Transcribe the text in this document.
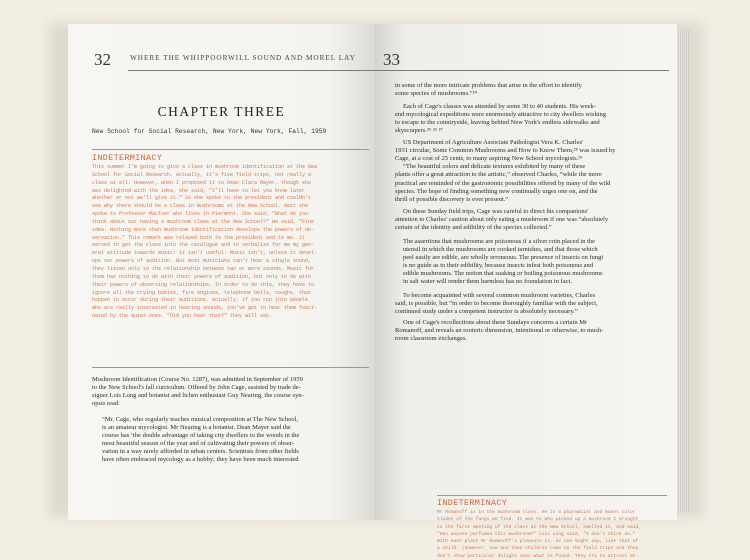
32	WHERE THE WHIPPOORWILL SOUND AND MOREL LAY
CHAPTER THREE
New School for Social Research, New York, New York, Fall, 1959
INDETERMINACY
This summer I'm going to give a class in mushroom identification at the New
School for Social Research. Actually, it's five field trips, not really a
class at all. However, when I proposed it to Dean Clara Mayer, though she
was delighted with the idea, she said, "I'll have to let you know later
whether or not we'll give it." So she spoke to the president and couldn't
see why there should be a class in mushrooms at the New School. Next she
spoke to Professor MacIver who lives in Piermont. She said, "What do you
think about our having a mushroom class at the New School?" He said, "Fine
idea. Nothing more than mushroom identification develops the powers of ob-
servation." This remark was relayed both to the president and to me. It
served to get the class into the catalogue and to verbalize for me my gen-
eral attitude towards music: it isn't useful. Music isn't, unless it devel-
ops our powers of audition. But most musicians can't hear a single sound,
they listen only to the relationship between two or more sounds. Music for
them has nothing to do with their powers of audition, but only to do with
their powers of observing relationships. In order to do this, they have to
ignore all the crying babies, fire engines, telephone bells, coughs, that
happen to occur during their auditions. Actually, if you run into people
who are really interested in hearing sounds, you've got to hear them fasci-
nated by the quiet ones. "Did you hear that?" they will say.
Mushroom Identification (Course No. 1287), was admitted in September of 1959
to the New School's fall curriculum. Offered by John Cage, assisted by trade de-
signer Lois Long and botanist and lichen enthusiast Guy Nearing, the course syn-
opsis read:
“Mr. Cage, who regularly teaches musical composition at The New School,
is an amateur mycologist. Mr Nearing is a botanist. Dean Mayer said the
course has ‘the double advantage of taking city dwellers to the woods in the
most beautiful season of the year and of cultivating their powers of obser-
vation in a way rarely afforded in urban centers. Scientists from other fields
have often embraced mycology as a hobby; they have been much interested
33
in some of the more intricate problems that arise in the effort to identify
some species of mushrooms.”²⁴
Each of Cage's classes was attended by some 30 to 40 students. His week-
end mycological expeditions were enormously attractive to city dwellers wishing
to escape to the countryside, leaving behind New York's endless sidewalks and
skyscrapers.²⁵ ²⁶ ²⁷
US Department of Agriculture Associate Pathologist Vera K. Charles'
1931 circular, Some Common Mushrooms and How to Know Them,²⁸ was issued by
Cage, at a cost of 25 cents, to many aspiring New School mycologists.²⁹
“The beautiful colors and delicate textures exhibited by many of these
plants offer a great attraction to the artistic,” observed Charles, “while the more
practical are reminded of the gastronomic possibilities offered by many of the wild
species. The hope of finding something new continually urges one on, and the
thrill of possible discovery is ever present.”
On these Sunday field trips, Cage was careful to direct his companions'
attention to Charles' caution about only eating a mushroom if one was “absolutely
certain of the identity and edibility of the species collected.”
The assertions that mushrooms are poisonous if a silver coin placed in the
utensil in which the mushrooms are cooked tarnishes, and that those which
peel easily are edible, are wholly erroneous. The presence of insects on fungi
is no guide as to their edibility, because insects infest both poisonous and
edible mushrooms. The notion that soaking or boiling poisonous mushrooms
in salt water will render them harmless has no foundation in fact.
To become acquainted with several common mushroom varieties, Charles
said, is possible, but “in order to become thoroughly familiar with the subject,
continued study under a competent instructor is absolutely necessary.”
One of Cage's recollections about these Sundays concerns a certain Mr
Romanoff, and reveals an esoteric dimension, intentional or otherwise, to mush-
room classroom exchanges.
INDETERMINACY
Mr Romanoff is in the mushroom class. He is a pharmacist and makes color
slides of the fungi we find. It was he who picked up a mushroom I brought
to the first meeting of the class at the New School, smelled it, and said,
"Has anyone perfumed this mushroom?" Lois Long said, "I don't think so."
With each plant Mr Romanoff's pleasure is, as one might say, like that of
a child. (However, now and then children come on the field trips and they
don't show particular delight over what is found. They try to attract at-
